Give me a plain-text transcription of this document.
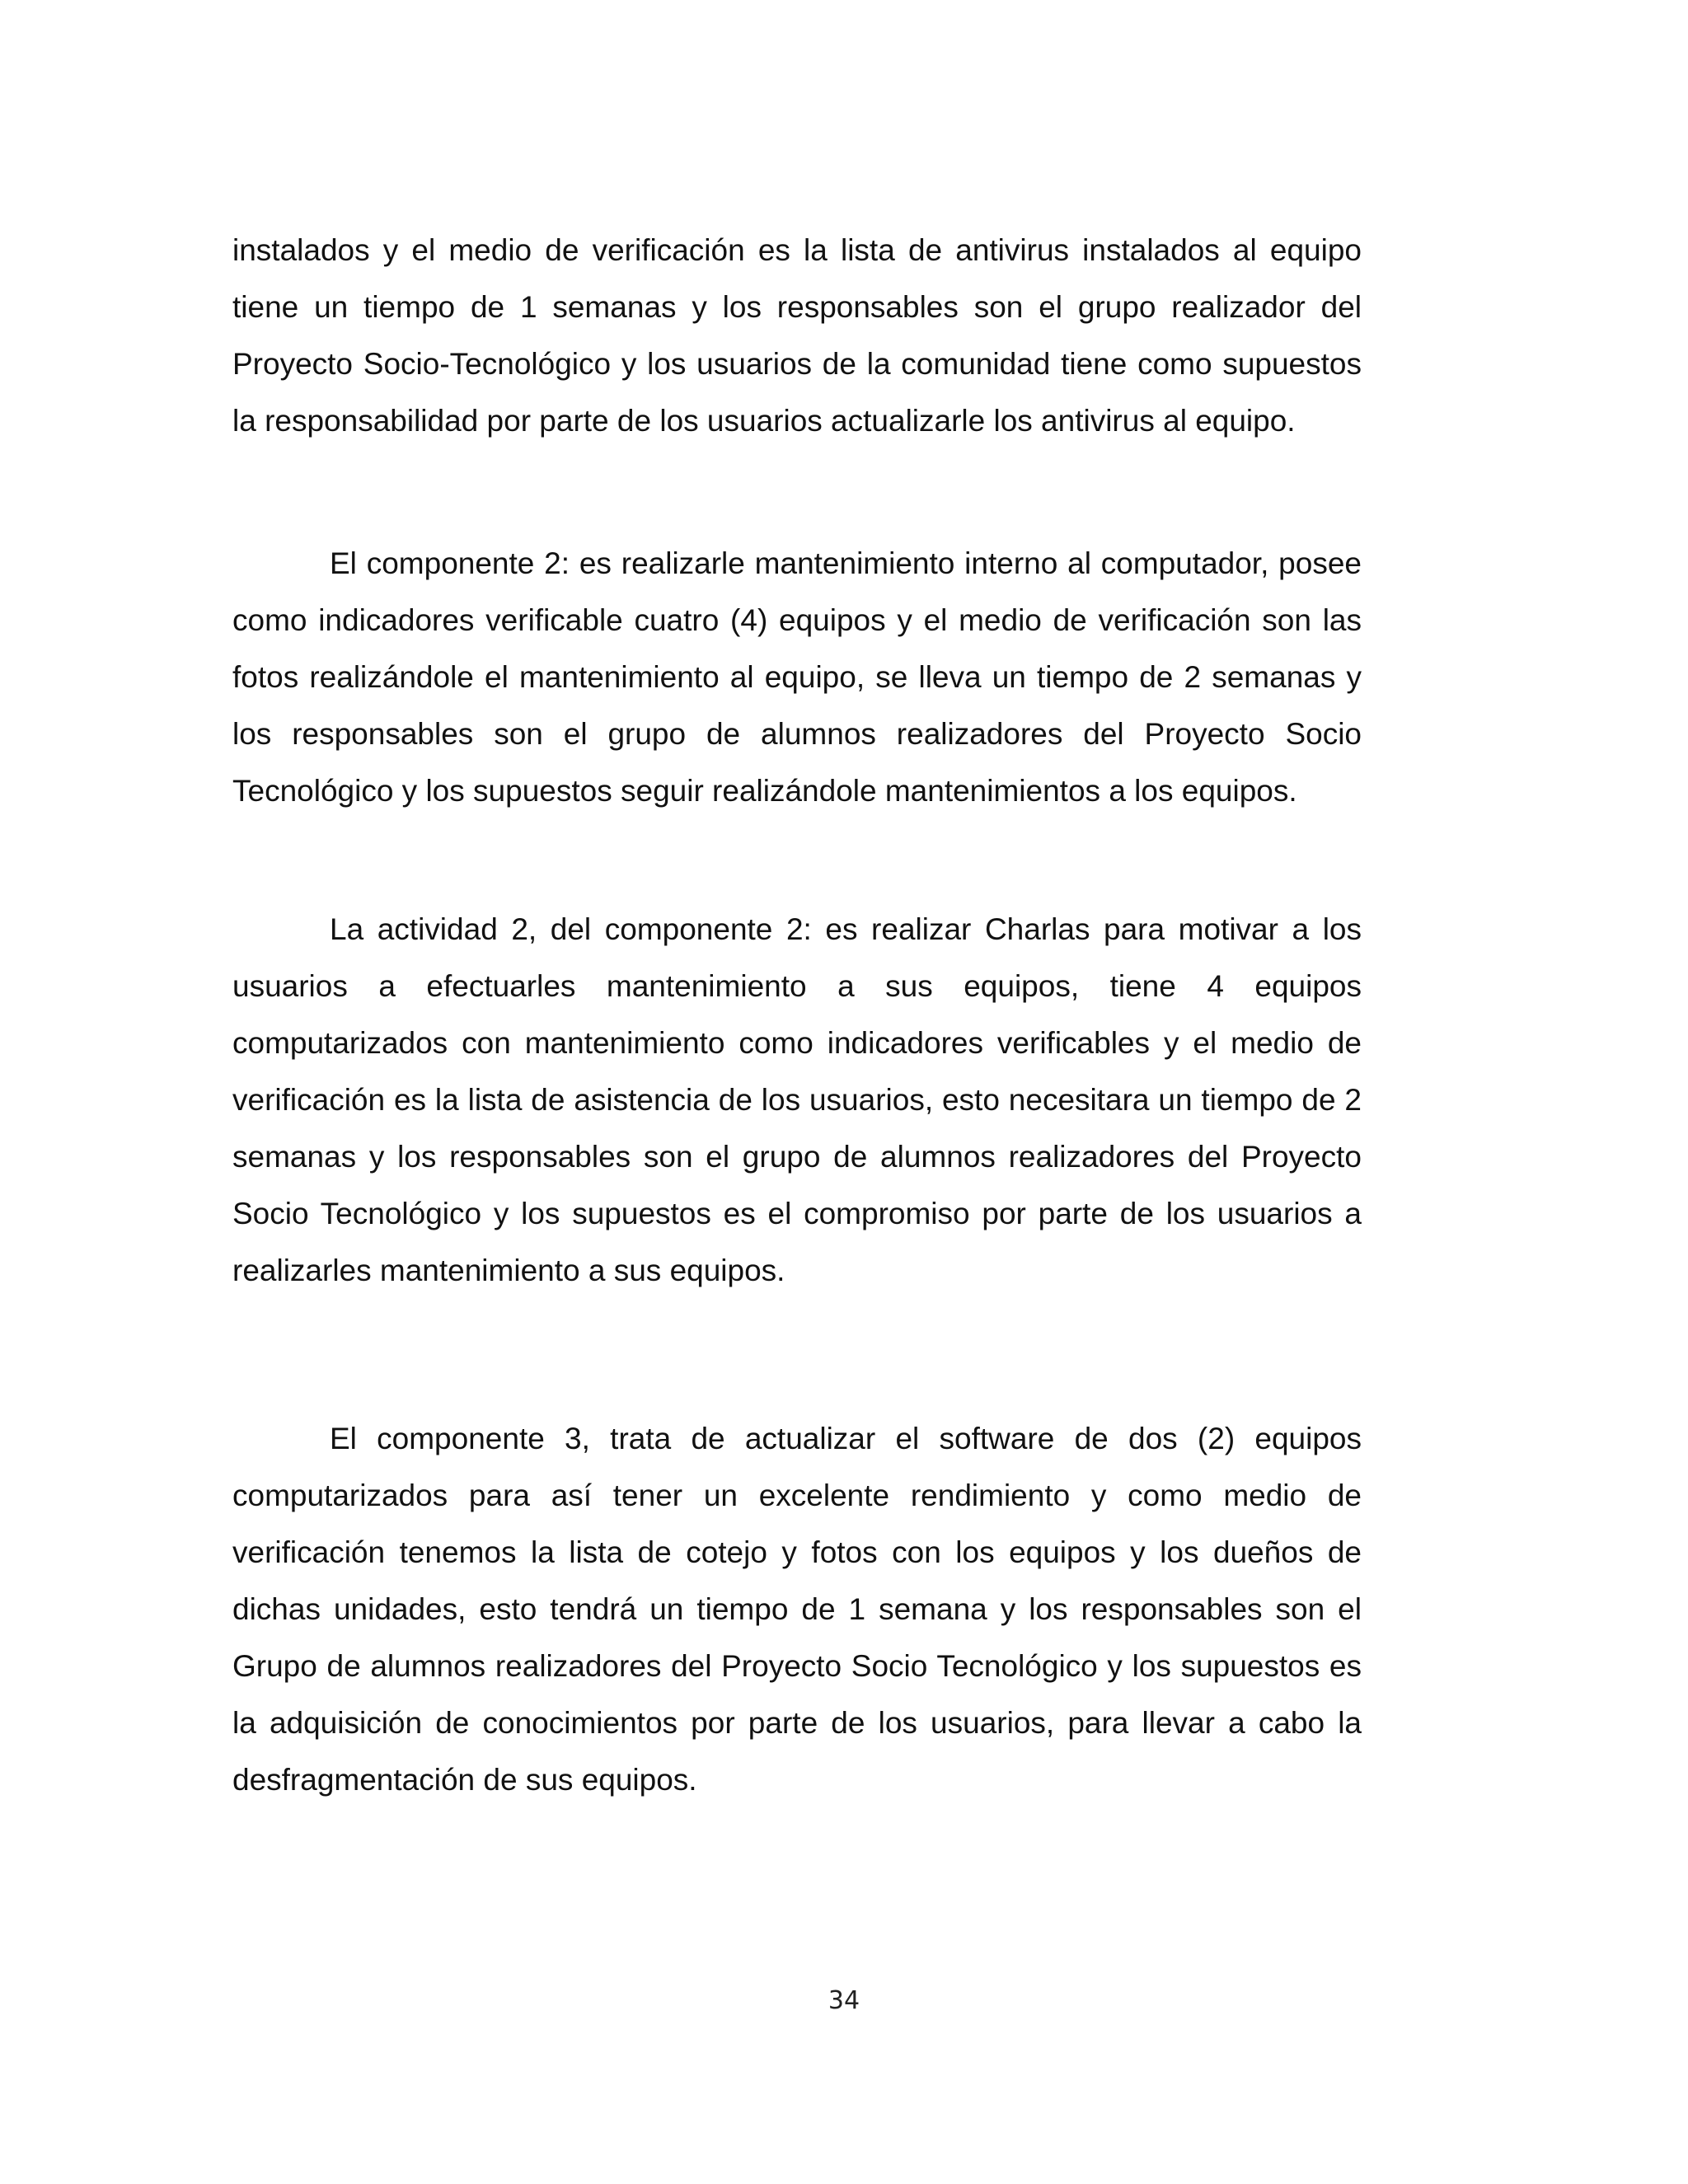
instalados y el medio de verificación es la lista de antivirus instalados al equipo tiene un tiempo de 1 semanas y los responsables son el grupo realizador del Proyecto Socio-Tecnológico y los usuarios de la comunidad tiene como supuestos la responsabilidad por parte de los usuarios actualizarle los antivirus al equipo.

El componente 2: es realizarle mantenimiento interno al computador, posee como indicadores verificable cuatro (4) equipos y el medio de verificación son las fotos realizándole el mantenimiento al equipo, se lleva un tiempo de 2 semanas y los responsables son el grupo de alumnos realizadores del Proyecto Socio Tecnológico y los supuestos seguir realizándole mantenimientos a los equipos.

La actividad 2, del componente 2: es realizar Charlas para motivar a los usuarios a efectuarles mantenimiento a sus equipos, tiene 4 equipos computarizados con mantenimiento como indicadores verificables y el medio de verificación es la lista de asistencia de los usuarios, esto necesitara un tiempo de 2 semanas y los responsables son el grupo de alumnos realizadores del Proyecto Socio Tecnológico y los supuestos es el compromiso por parte de los usuarios a realizarles mantenimiento a sus equipos.

El componente 3, trata de actualizar el software de dos (2) equipos computarizados para así tener un excelente rendimiento y como medio de verificación tenemos la lista de cotejo y fotos con los equipos y los dueños de dichas unidades, esto tendrá un tiempo de 1 semana y los responsables son el Grupo de alumnos realizadores del Proyecto Socio Tecnológico y los supuestos es la adquisición de conocimientos por parte de los usuarios, para llevar a cabo la desfragmentación de sus equipos.

34
